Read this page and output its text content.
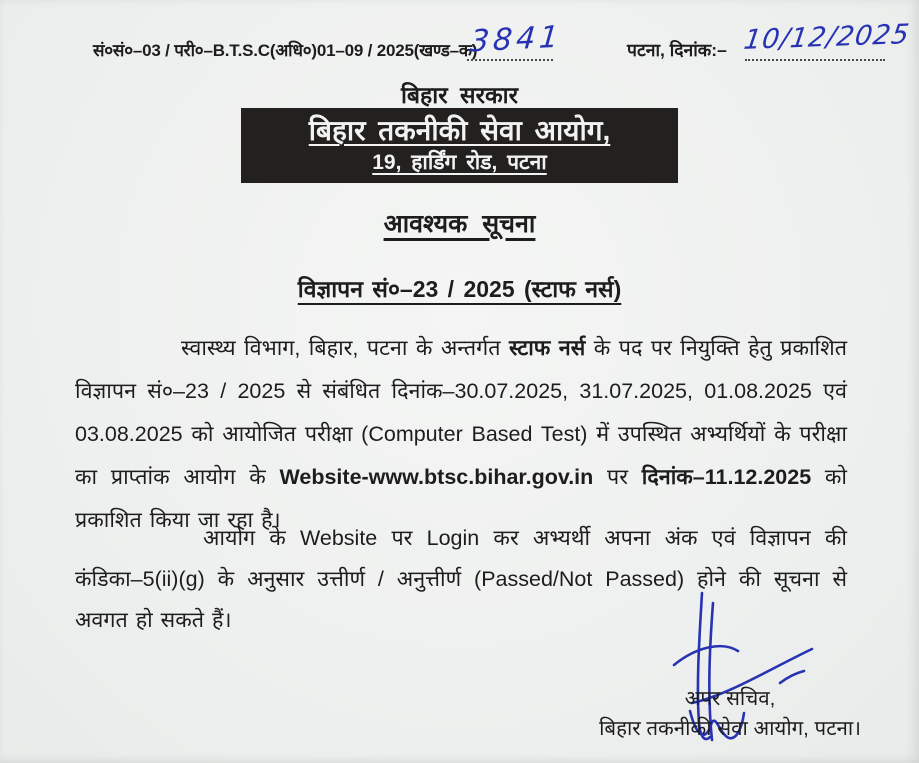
सं०सं०–03 / परी०–B.T.S.C(अधि०)01–09 / 2025(खण्ड–क)
3841	पटना, दिनांक:– 10/12/2025
बिहार सरकार
बिहार तकनीकी सेवा आयोग,
19, हार्डिंग रोड, पटना
आवश्यक सूचना
विज्ञापन सं०–23 / 2025 (स्टाफ नर्स)
स्वास्थ्य विभाग, बिहार, पटना के अन्तर्गत स्टाफ नर्स के पद पर नियुक्ति हेतु प्रकाशित विज्ञापन सं०–23 / 2025 से संबंधित दिनांक–30.07.2025, 31.07.2025, 01.08.2025 एवं 03.08.2025 को आयोजित परीक्षा (Computer Based Test) में उपस्थित अभ्यर्थियों के परीक्षा का प्राप्तांक आयोग के Website-www.btsc.bihar.gov.in पर दिनांक–11.12.2025 को प्रकाशित किया जा रहा है।
आयोग के Website पर Login कर अभ्यर्थी अपना अंक एवं विज्ञापन की कंडिका–5(ii)(g) के अनुसार उत्तीर्ण / अनुत्तीर्ण (Passed/Not Passed) होने की सूचना से अवगत हो सकते हैं।
अपर सचिव,
बिहार तकनीकी सेवा आयोग, पटना।
